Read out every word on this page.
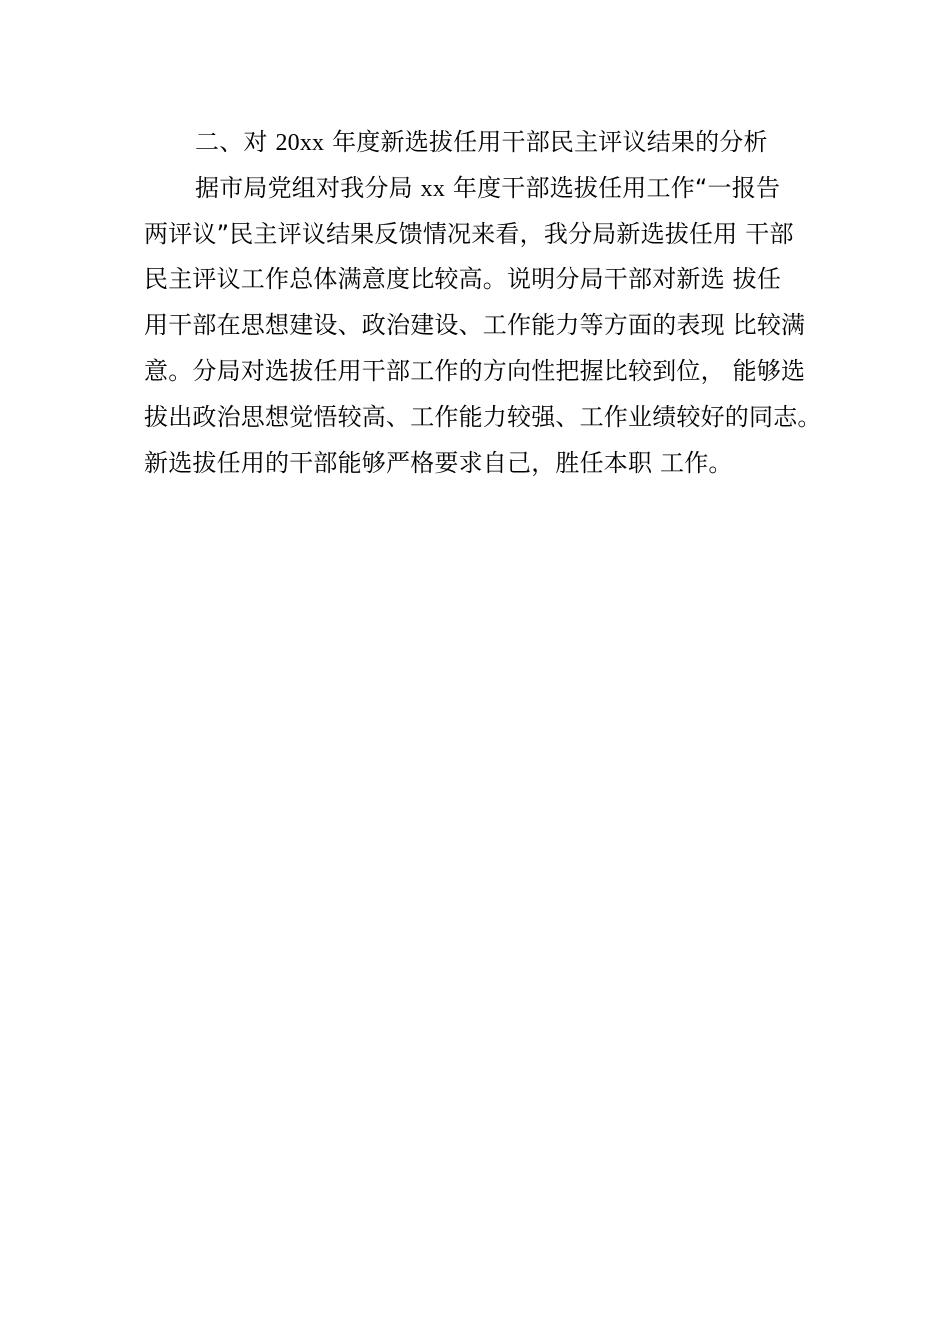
二、对 20xx 年度新选拔任用干部民主评议结果的分析
据市局党组对我分局 xx 年度干部选拔任用工作“一报告
两评议”民主评议结果反馈情况来看，我分局新选拔任用 干部
民主评议工作总体满意度比较高。说明分局干部对新选 拔任
用干部在思想建设、政治建设、工作能力等方面的表现 比较满
意。分局对选拔任用干部工作的方向性把握比较到位， 能够选
拔出政治思想觉悟较高、工作能力较强、工作业绩较好的同志。
新选拔任用的干部能够严格要求自己，胜任本职 工作。
